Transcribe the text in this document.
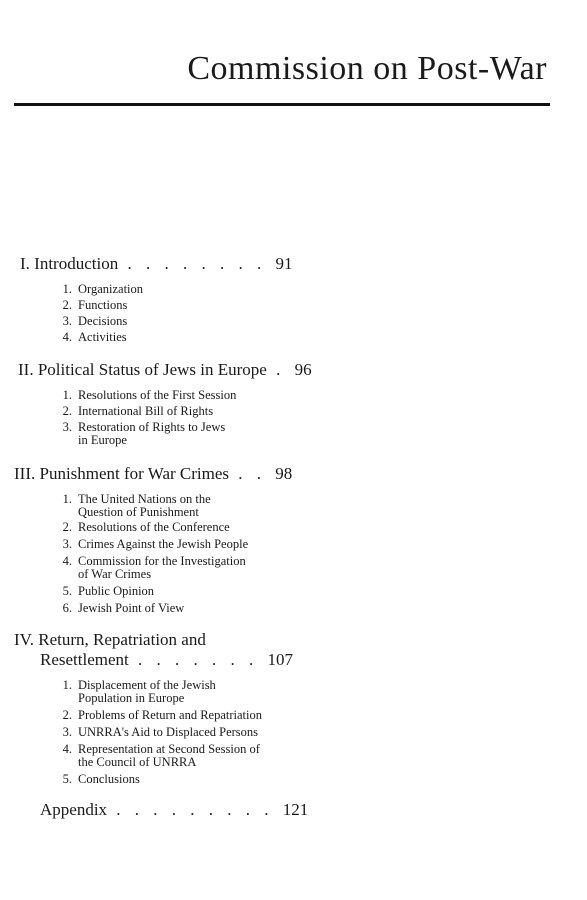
Commission on Post-War
I. Introduction . . . . . . . . 91
1. Organization
2. Functions
3. Decisions
4. Activities
II. Political Status of Jews in Europe . 96
1. Resolutions of the First Session
2. International Bill of Rights
3. Restoration of Rights to Jews
in Europe
III. Punishment for War Crimes . . 98
1. The United Nations on the
Question of Punishment
2. Resolutions of the Conference
3. Crimes Against the Jewish People
4. Commission for the Investigation
of War Crimes
5. Public Opinion
6. Jewish Point of View
IV. Return, Repatriation and
Resettlement . . . . . . . 107
1. Displacement of the Jewish
Population in Europe
2. Problems of Return and Repatriation
3. UNRRA's Aid to Displaced Persons
4. Representation at Second Session of
the Council of UNRRA
5. Conclusions
Appendix . . . . . . . . . 121
